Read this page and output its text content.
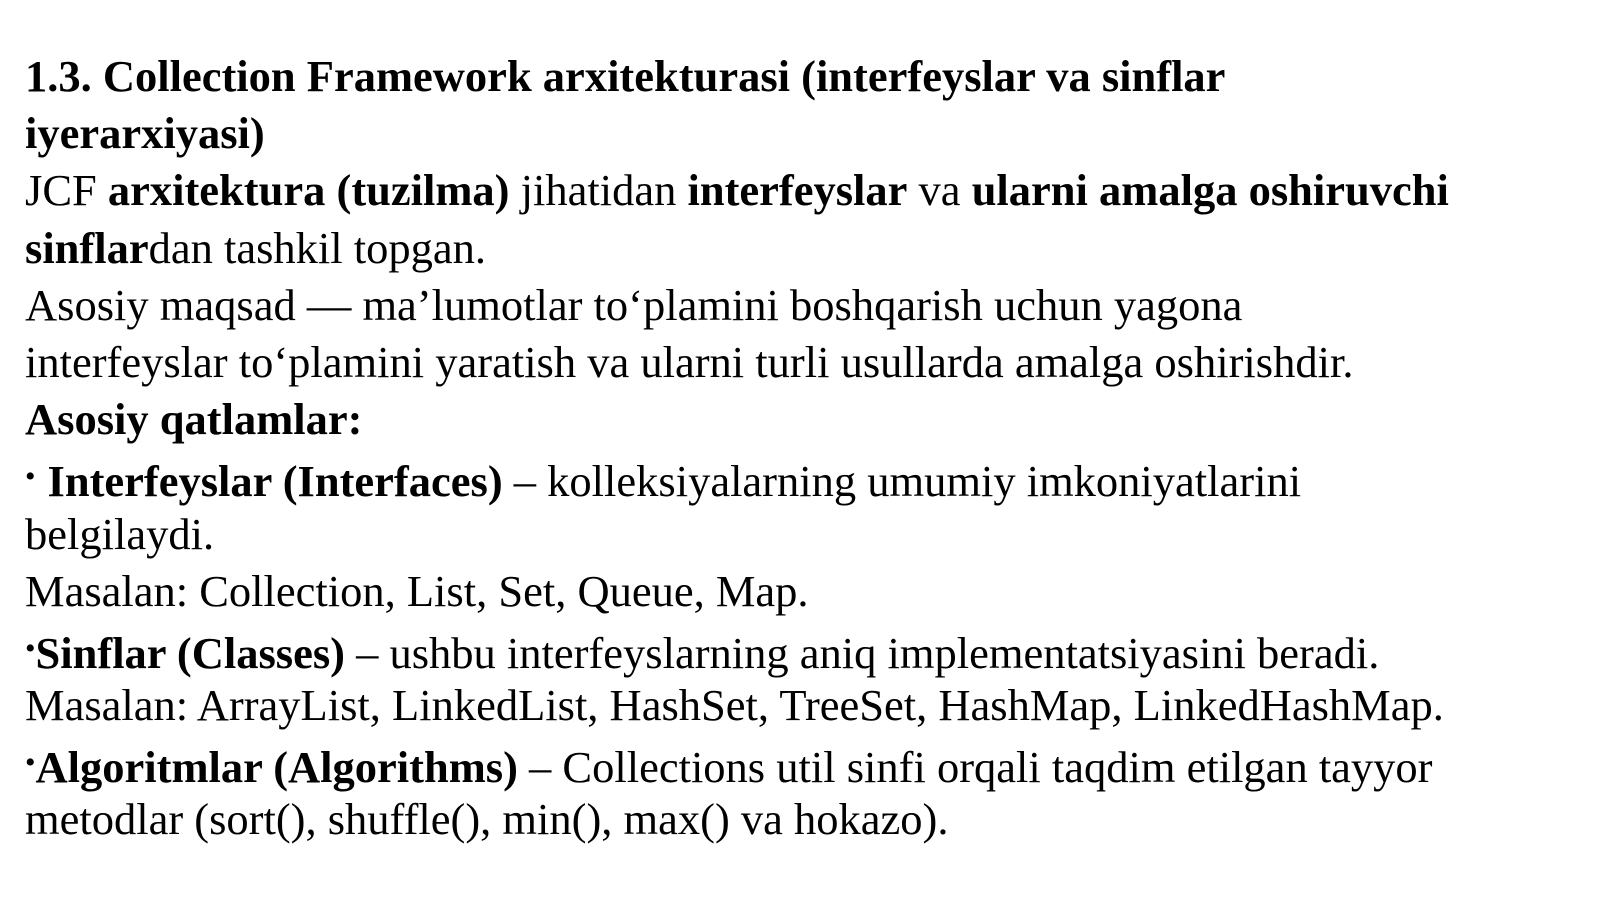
1.3. Collection Framework arxitekturasi (interfeyslar va sinflar
iyerarxiyasi)
JCF arxitektura (tuzilma) jihatidan interfeyslar va ularni amalga oshiruvchi
sinflardan tashkil topgan.
Asosiy maqsad — ma’lumotlar to‘plamini boshqarish uchun yagona
interfeyslar to‘plamini yaratish va ularni turli usullarda amalga oshirishdir.
Asosiy qatlamlar:
• Interfeyslar (Interfaces) – kolleksiyalarning umumiy imkoniyatlarini
belgilaydi.
Masalan: Collection, List, Set, Queue, Map.
•Sinflar (Classes) – ushbu interfeyslarning aniq implementatsiyasini beradi.
Masalan: ArrayList, LinkedList, HashSet, TreeSet, HashMap, LinkedHashMap.
•Algoritmlar (Algorithms) – Collections util sinfi orqali taqdim etilgan tayyor
metodlar (sort(), shuffle(), min(), max() va hokazo).
